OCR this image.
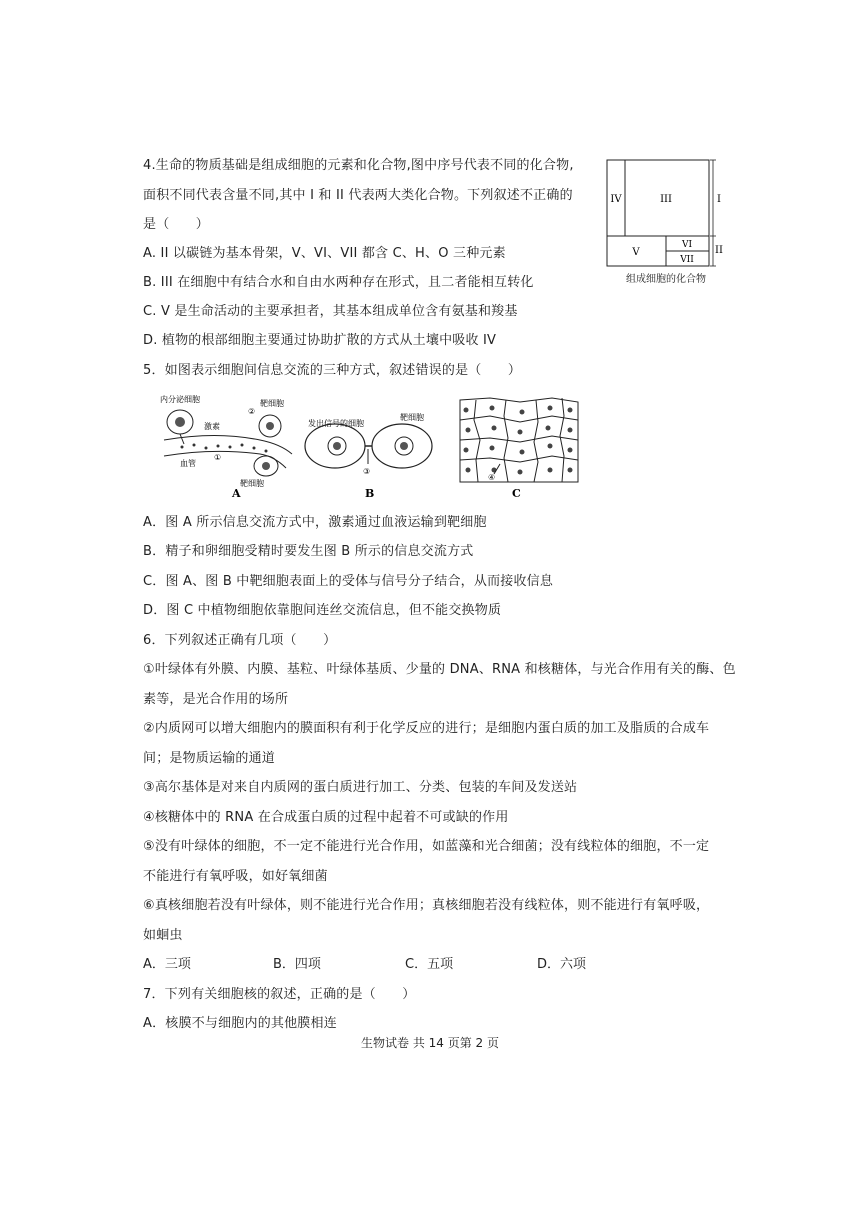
4.生命的物质基础是组成细胞的元素和化合物,图中序号代表不同的化合物,
面积不同代表含量不同,其中 I 和 II 代表两大类化合物。下列叙述不正确的
是（　　）
A. II 以碳链为基本骨架，V、VI、VII 都含 C、H、O 三种元素
B. III 在细胞中有结合水和自由水两种存在形式，且二者能相互转化
C. V 是生命活动的主要承担者，其基本组成单位含有氨基和羧基
D. 植物的根部细胞主要通过协助扩散的方式从土壤中吸收 IV
IV	III	I
V
VI
VII
II
组成细胞的化合物
5．如图表示细胞间信息交流的三种方式，叙述错误的是（　　）
内分泌细胞
激素
②
靶细胞
①
血管
靶细胞
A
发出信号的细胞
靶细胞
③
B
④
C
A．图 A 所示信息交流方式中，激素通过血液运输到靶细胞
B．精子和卵细胞受精时要发生图 B 所示的信息交流方式
C．图 A、图 B 中靶细胞表面上的受体与信号分子结合，从而接收信息
D．图 C 中植物细胞依靠胞间连丝交流信息，但不能交换物质
6．下列叙述正确有几项（　　）
①叶绿体有外膜、内膜、基粒、叶绿体基质、少量的 DNA、RNA 和核糖体，与光合作用有关的酶、色
素等，是光合作用的场所
②内质网可以增大细胞内的膜面积有利于化学反应的进行；是细胞内蛋白质的加工及脂质的合成车
间；是物质运输的通道
③高尔基体是对来自内质网的蛋白质进行加工、分类、包装的车间及发送站
④核糖体中的 RNA 在合成蛋白质的过程中起着不可或缺的作用
⑤没有叶绿体的细胞，不一定不能进行光合作用，如蓝藻和光合细菌；没有线粒体的细胞，不一定
不能进行有氧呼吸，如好氧细菌
⑥真核细胞若没有叶绿体，则不能进行光合作用；真核细胞若没有线粒体，则不能进行有氧呼吸，
如蛔虫
A．三项	B．四项	C．五项	D．六项
7．下列有关细胞核的叙述，正确的是（　　）
A．核膜不与细胞内的其他膜相连
生物试卷 共 14 页第 2 页
